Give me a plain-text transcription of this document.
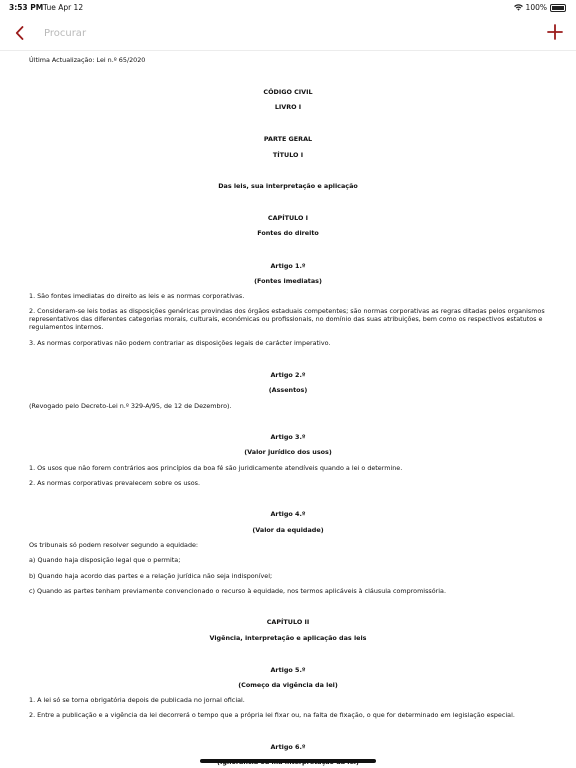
3:53 PM Tue Apr 12	100%
Procurar
Última Actualização: Lei n.º 65/2020
CÓDIGO CIVIL
LIVRO I
PARTE GERAL
TÍTULO I
Das leis, sua interpretação e aplicação
CAPÍTULO I
Fontes do direito
Artigo 1.º
(Fontes imediatas)
1. São fontes imediatas do direito as leis e as normas corporativas.
2. Consideram-se leis todas as disposições genéricas provindas dos órgãos estaduais competentes; são normas corporativas as regras ditadas pelos organismos
representativos das diferentes categorias morais, culturais, económicas ou profissionais, no domínio das suas atribuições, bem como os respectivos estatutos e
regulamentos internos.
3. As normas corporativas não podem contrariar as disposições legais de carácter imperativo.
Artigo 2.º
(Assentos)
(Revogado pelo Decreto-Lei n.º 329-A/95, de 12 de Dezembro).
Artigo 3.º
(Valor jurídico dos usos)
1. Os usos que não forem contrários aos princípios da boa fé são juridicamente atendíveis quando a lei o determine.
2. As normas corporativas prevalecem sobre os usos.
Artigo 4.º
(Valor da equidade)
Os tribunais só podem resolver segundo a equidade:
a) Quando haja disposição legal que o permita;
b) Quando haja acordo das partes e a relação jurídica não seja indisponível;
c) Quando as partes tenham previamente convencionado o recurso à equidade, nos termos aplicáveis à cláusula compromissória.
CAPÍTULO II
Vigência, interpretação e aplicação das leis
Artigo 5.º
(Começo da vigência da lei)
1. A lei só se torna obrigatória depois de publicada no jornal oficial.
2. Entre a publicação e a vigência da lei decorrerá o tempo que a própria lei fixar ou, na falta de fixação, o que for determinado em legislação especial.
Artigo 6.º
